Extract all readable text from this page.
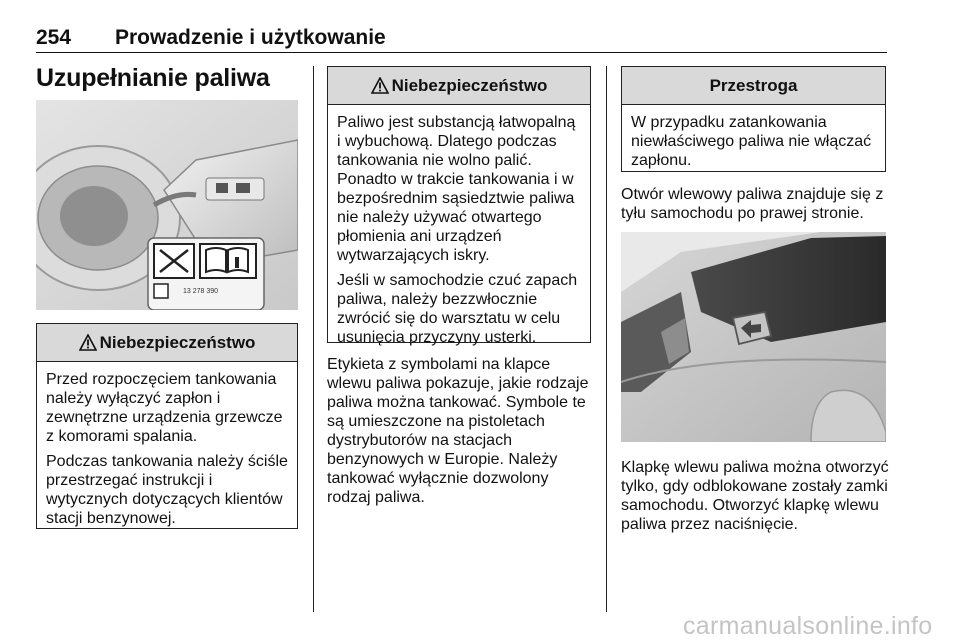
254 Prowadzenie i użytkowanie
Uzupełnianie paliwa
13 278 390
Niebezpieczeństwo

Przed rozpoczęciem tankowania należy wyłączyć zapłon i zewnętrzne urządzenia grzewcze z komorami spalania.

Podczas tankowania należy ściśle przestrzegać instrukcji i wytycznych dotyczących klientów stacji benzynowej.

Niebezpieczeństwo

Paliwo jest substancją łatwopalną i wybuchową. Dlatego podczas tankowania nie wolno palić. Ponadto w trakcie tankowania i w bezpośrednim sąsiedztwie paliwa nie należy używać otwartego płomienia ani urządzeń wytwarzających iskry.

Jeśli w samochodzie czuć zapach paliwa, należy bezzwłocznie zwrócić się do warsztatu w celu usunięcia przyczyny usterki.

Etykieta z symbolami na klapce wlewu paliwa pokazuje, jakie rodzaje paliwa można tankować. Symbole te są umieszczone na pistoletach dystrybutorów na stacjach benzynowych w Europie. Należy tankować wyłącznie dozwolony rodzaj paliwa.
Przestroga

W przypadku zatankowania niewłaściwego paliwa nie włączać zapłonu.

Otwór wlewowy paliwa znajduje się z tyłu samochodu po prawej stronie.
Klapkę wlewu paliwa można otworzyć tylko, gdy odblokowane zostały zamki samochodu. Otworzyć klapkę wlewu paliwa przez naciśnięcie.
carmanualsonline.info
